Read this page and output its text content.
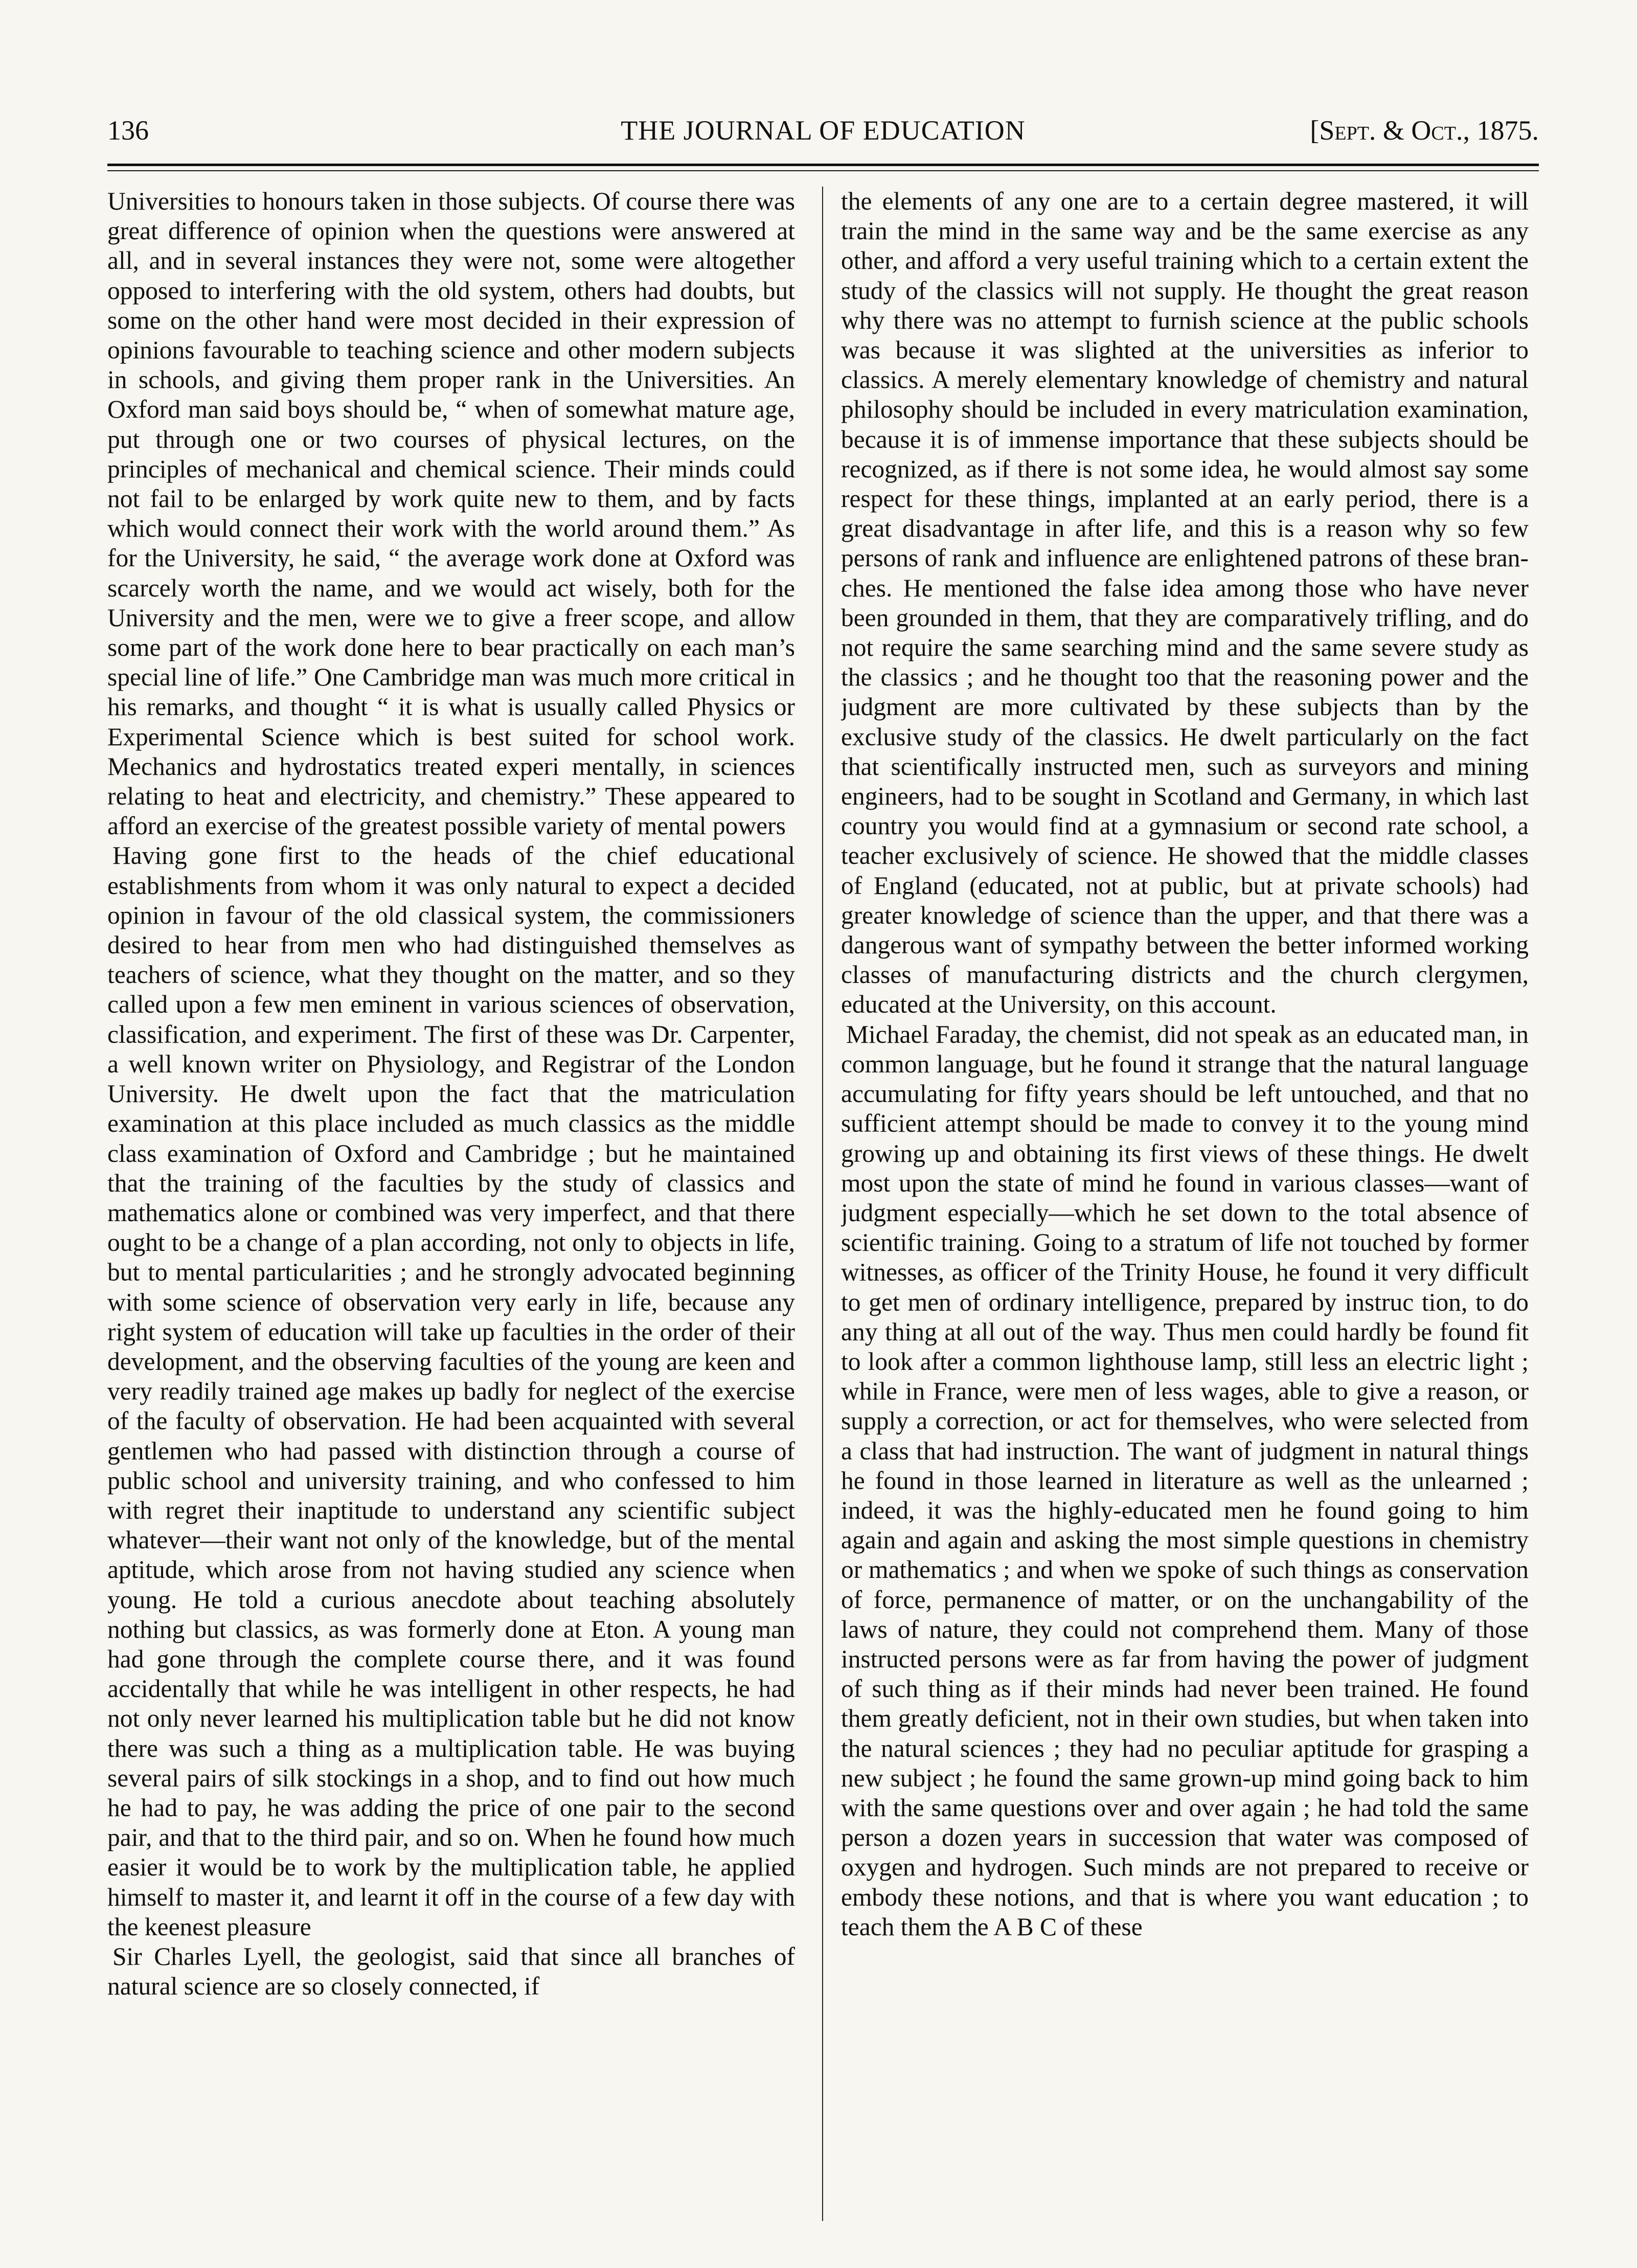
136	THE JOURNAL OF EDUCATION	[Sept. & Oct., 1875.

Universities to honours taken in those subjects. Of course there was great difference of opinion when the questions were answered at all, and in several instances they were not, some were altogether opposed to interfering with the old system, others had doubts, but some on the other hand were most decided in their expression of opinions favourable to teaching science and other modern subjects in schools, and giving them proper rank in the Universities. An Oxford man said boys should be, “ when of somewhat mature age, put through one or two courses of physical lectures, on the principles of mechanical and chemical science. Their minds could not fail to be enlarged by work quite new to them, and by facts which would connect their work with the world around them.” As for the University, he said, “ the average work done at Oxford was scarcely worth the name, and we would act wisely, both for the University and the men, were we to give a freer scope, and allow some part of the work done here to bear practically on each man’s special line of life.” One Cambridge man was much more critical in his remarks, and thought “ it is what is usually called Physics or Experimental Science which is best suited for school work. Mechanics and hydrostatics treated experi mentally, in sciences relating to heat and electricity, and chemistry.” These appeared to afford an exercise of the greatest possible variety of mental powers

Having gone first to the heads of the chief educational establishments from whom it was only natural to expect a decided opinion in favour of the old classical system, the commissioners desired to hear from men who had distinguished themselves as teachers of science, what they thought on the matter, and so they called upon a few men eminent in various sciences of observation, classification, and experiment. The first of these was Dr. Carpenter, a well known writer on Physiology, and Registrar of the London University. He dwelt upon the fact that the matriculation examination at this place included as much classics as the middle class examination of Oxford and Cambridge ; but he maintained that the training of the faculties by the study of classics and mathematics alone or combined was very imperfect, and that there ought to be a change of a plan according, not only to objects in life, but to mental particularities ; and he strongly advocated beginning with some science of observation very early in life, because any right system of education will take up faculties in the order of their development, and the observing faculties of the young are keen and very readily trained age makes up badly for neglect of the exercise of the faculty of observation. He had been acquainted with several gentlemen who had passed with distinction through a course of public school and university training, and who confessed to him with regret their inaptitude to understand any scientific subject whatever—their want not only of the knowledge, but of the mental aptitude, which arose from not having studied any science when young. He told a curious anecdote about teaching absolutely nothing but classics, as was formerly done at Eton. A young man had gone through the complete course there, and it was found accidentally that while he was intelligent in other respects, he had not only never learned his multiplication table but he did not know there was such a thing as a multiplication table. He was buying several pairs of silk stockings in a shop, and to find out how much he had to pay, he was adding the price of one pair to the second pair, and that to the third pair, and so on. When he found how much easier it would be to work by the multiplication table, he applied himself to master it, and learnt it off in the course of a few day with the keenest pleasure

Sir Charles Lyell, the geologist, said that since all branches of natural science are so closely connected, if

the elements of any one are to a certain degree mastered, it will train the mind in the same way and be the same exercise as any other, and afford a very useful training which to a certain extent the study of the classics will not supply. He thought the great reason why there was no attempt to furnish science at the public schools was because it was slighted at the universities as inferior to classics. A merely elementary knowledge of chemistry and natural philosophy should be included in every matriculation examination, because it is of immense importance that these subjects should be recognized, as if there is not some idea, he would almost say some respect for these things, implanted at an early period, there is a great disadvantage in after life, and this is a reason why so few persons of rank and influence are enlightened patrons of these branches. He mentioned the false idea among those who have never been grounded in them, that they are comparatively trifling, and do not require the same searching mind and the same severe study as the classics ; and he thought too that the reasoning power and the judgment are more cultivated by these subjects than by the exclusive study of the classics. He dwelt particularly on the fact that scientifically instructed men, such as surveyors and mining engineers, had to be sought in Scotland and Germany, in which last country you would find at a gymnasium or second rate school, a teacher exclusively of science. He showed that the middle classes of England (educated, not at public, but at private schools) had greater knowledge of science than the upper, and that there was a dangerous want of sympathy between the better informed working classes of manufacturing districts and the church clergymen, educated at the University, on this account.

Michael Faraday, the chemist, did not speak as an educated man, in common language, but he found it strange that the natural language accumulating for fifty years should be left untouched, and that no sufficient attempt should be made to convey it to the young mind growing up and obtaining its first views of these things. He dwelt most upon the state of mind he found in various classes—want of judgment especially—which he set down to the total absence of scientific training. Going to a stratum of life not touched by former witnesses, as officer of the Trinity House, he found it very difficult to get men of ordinary intelligence, prepared by instruc tion, to do any thing at all out of the way. Thus men could hardly be found fit to look after a common lighthouse lamp, still less an electric light ; while in France, were men of less wages, able to give a reason, or supply a correction, or act for themselves, who were selected from a class that had instruction. The want of judgment in natural things he found in those learned in literature as well as the unlearned ; indeed, it was the highly-educated men he found going to him again and again and asking the most simple questions in chemistry or mathematics ; and when we spoke of such things as conservation of force, permanence of matter, or on the unchangability of the laws of nature, they could not comprehend them. Many of those instructed persons were as far from having the power of judgment of such thing as if their minds had never been trained. He found them greatly deficient, not in their own studies, but when taken into the natural sciences ; they had no peculiar aptitude for grasping a new subject ; he found the same grown-up mind going back to him with the same questions over and over again ; he had told the same person a dozen years in succession that water was composed of oxygen and hydrogen. Such minds are not prepared to receive or embody these notions, and that is where you want education ; to teach them the A B C of these
